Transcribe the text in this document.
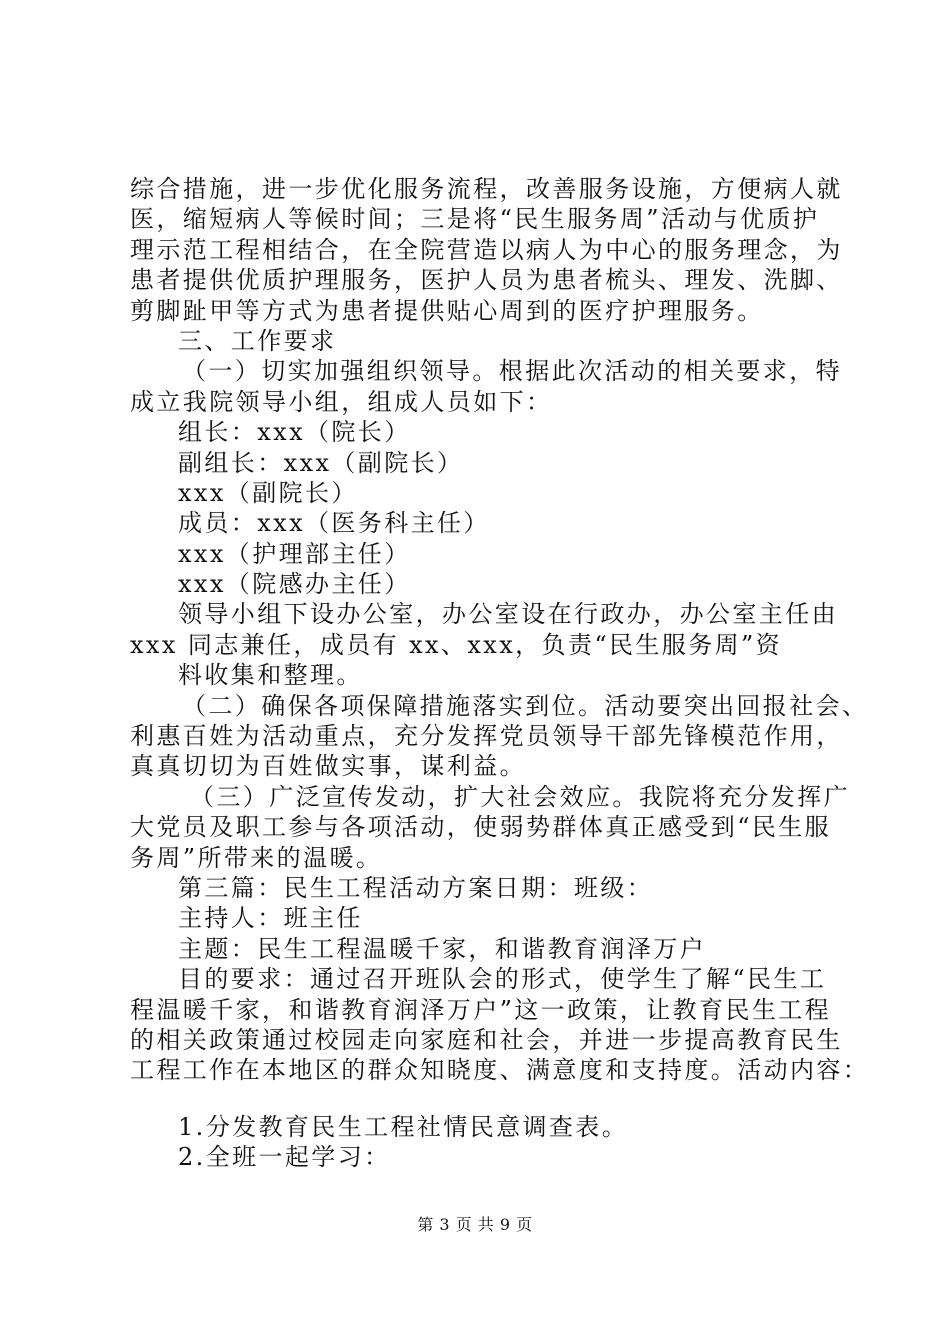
综合措施，进一步优化服务流程，改善服务设施，方便病人就
医，缩短病人等候时间；三是将“民生服务周”活动与优质护
理示范工程相结合，在全院营造以病人为中心的服务理念，为
患者提供优质护理服务，医护人员为患者梳头、理发、洗脚、
剪脚趾甲等方式为患者提供贴心周到的医疗护理服务。
三、工作要求
（一）切实加强组织领导。根据此次活动的相关要求，特
成立我院领导小组，组成人员如下：
组长：xxx（院长）
副组长：xxx（副院长）
xxx（副院长）
成员：xxx（医务科主任）
xxx（护理部主任）
xxx（院感办主任）
领导小组下设办公室，办公室设在行政办，办公室主任由
xxx 同志兼任，成员有 xx、xxx，负责“民生服务周”资
料收集和整理。
（二）确保各项保障措施落实到位。活动要突出回报社会、
利惠百姓为活动重点，充分发挥党员领导干部先锋模范作用，
真真切切为百姓做实事，谋利益。
（三）广泛宣传发动，扩大社会效应。我院将充分发挥广
大党员及职工参与各项活动，使弱势群体真正感受到“民生服
务周”所带来的温暖。
第三篇：民生工程活动方案日期：班级：
主持人：班主任
主题：民生工程温暖千家，和谐教育润泽万户
目的要求：通过召开班队会的形式，使学生了解“民生工
程温暖千家，和谐教育润泽万户”这一政策，让教育民生工程
的相关政策通过校园走向家庭和社会，并进一步提高教育民生
工程工作在本地区的群众知晓度、满意度和支持度。活动内容：
1.分发教育民生工程社情民意调查表。
2.全班一起学习：
第 3 页 共 9 页
